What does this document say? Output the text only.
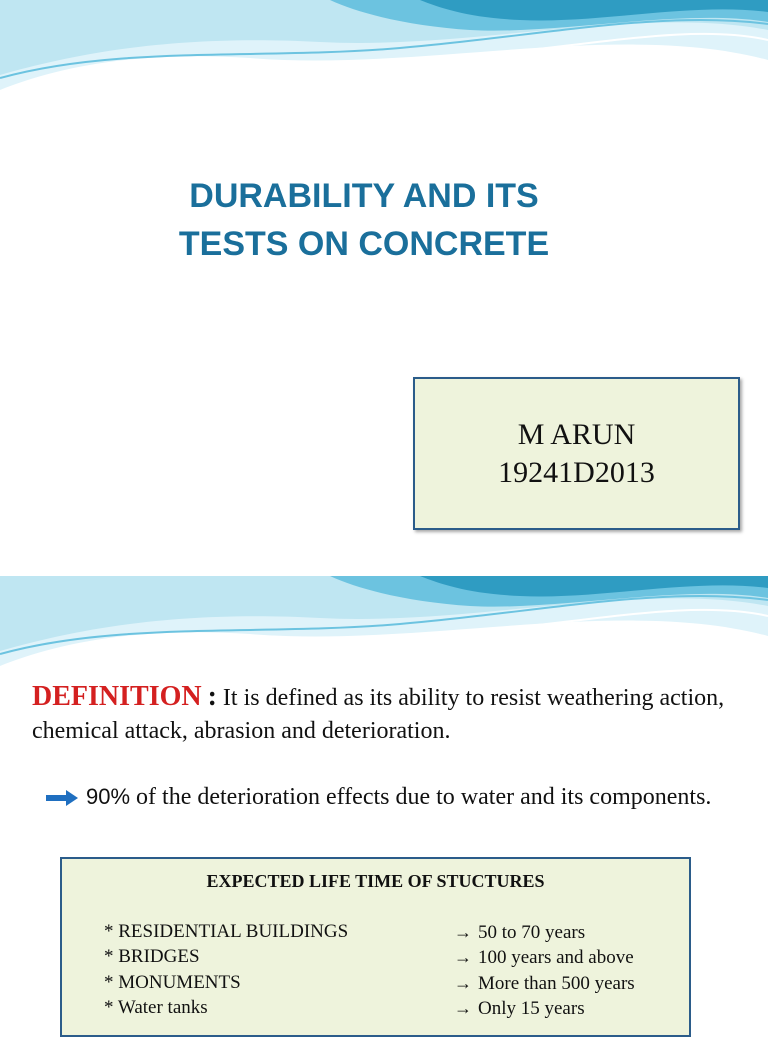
DURABILITY AND ITS
TESTS ON CONCRETE
M ARUN
19241D2013
DEFINITION : It is defined as its ability to resist weathering action, chemical attack, abrasion and deterioration.
90% of the deterioration effects due to water and its components.
EXPECTED LIFE TIME OF STUCTURES
* RESIDENTIAL BUILDINGS	→ 50 to 70 years
* BRIDGES	→ 100 years and above
* MONUMENTS	→ More than 500 years
* Water tanks	→ Only 15 years
